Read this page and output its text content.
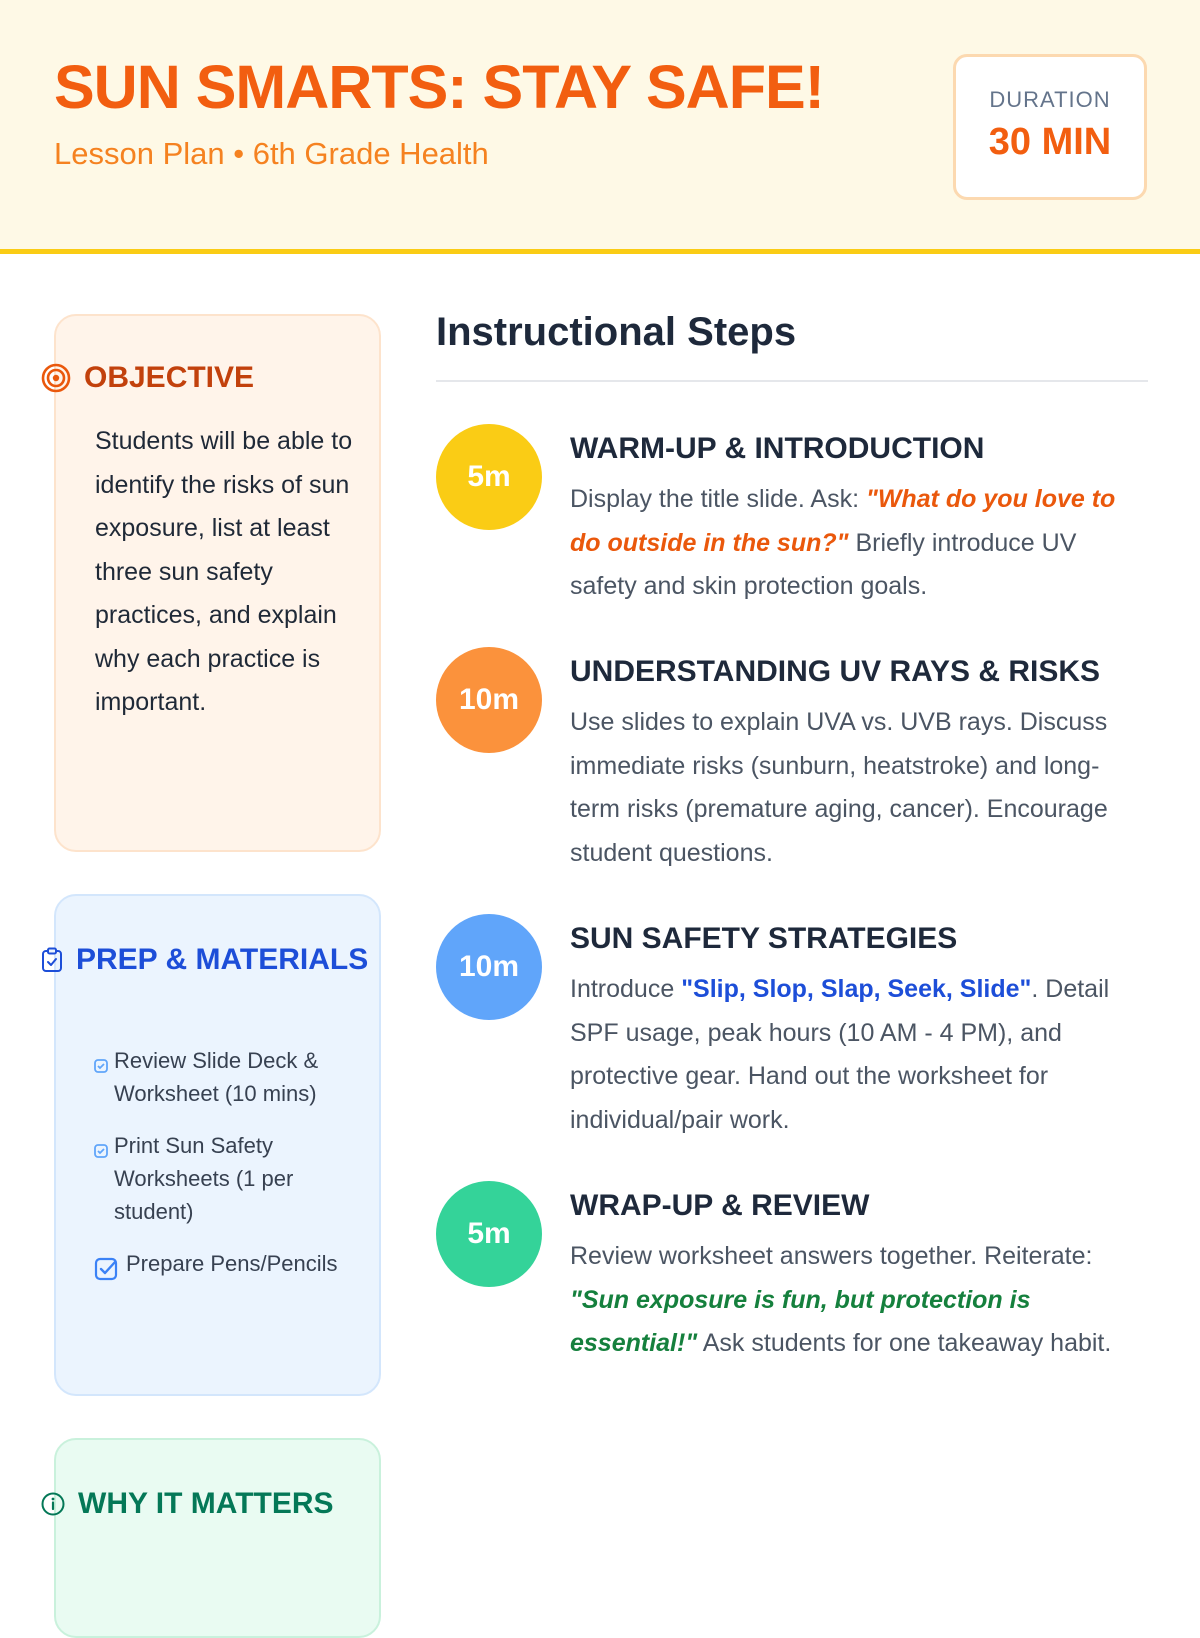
SUN SMARTS: STAY SAFE!

Lesson Plan • 6th Grade Health

DURATION
30 MIN
OBJECTIVE

Students will be able to identify the risks of sun exposure, list at least three sun safety practices, and explain why each practice is important.

PREP & MATERIALS
Review Slide Deck & Worksheet (10 mins)
Print Sun Safety Worksheets (1 per student)
Prepare Pens/Pencils
WHY IT MATTERS
Instructional Steps
5m
WARM-UP & INTRODUCTION

Display the title slide. Ask: "What do you love to do outside in the sun?" Briefly introduce UV safety and skin protection goals.

10m
UNDERSTANDING UV RAYS & RISKS

Use slides to explain UVA vs. UVB rays. Discuss immediate risks (sunburn, heatstroke) and long-term risks (premature aging, cancer). Encourage student questions.

10m
SUN SAFETY STRATEGIES

Introduce "Slip, Slop, Slap, Seek, Slide". Detail SPF usage, peak hours (10 AM - 4 PM), and protective gear. Hand out the worksheet for individual/pair work.

5m
WRAP-UP & REVIEW

Review worksheet answers together. Reiterate: "Sun exposure is fun, but protection is essential!" Ask students for one takeaway habit.
